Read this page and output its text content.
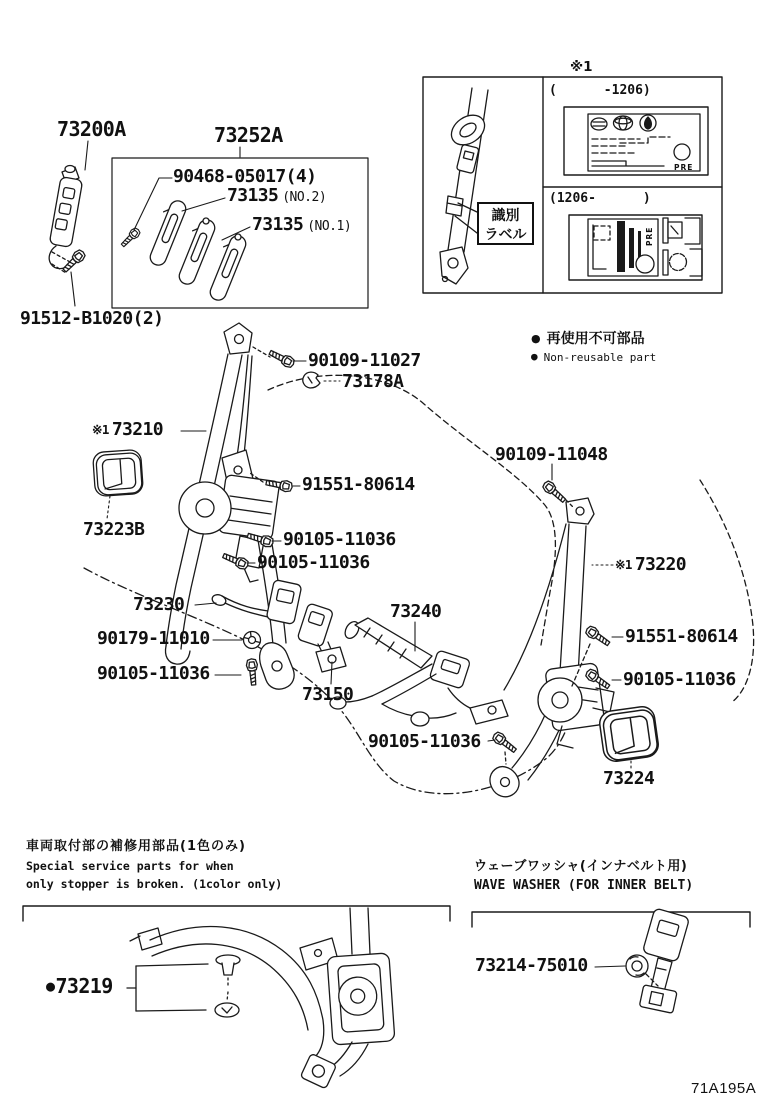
73200A	73252A
90468-05017(4)
73135 (NO.2)
73135 (NO.1)
91512-B1020(2)
※1
(      -1206)
(1206-      )
識別
ラベル
PRE
PRE
● 再使用不可部品
● Non-reusable part
90109-11027
73178A
※1 73210
73223B
91551-80614
90105-11036
90105-11036
73230
90179-11010
90105-11036
73150
73240
90105-11036
90109-11048
※1 73220
91551-80614
90105-11036
73224
車両取付部の補修用部品(1色のみ)
Special service parts for when
only stopper is broken. (1color only)
●73219
ウェーブワッシャ(インナベルト用)
WAVE WASHER (FOR INNER BELT)
73214-75010
71A195A
